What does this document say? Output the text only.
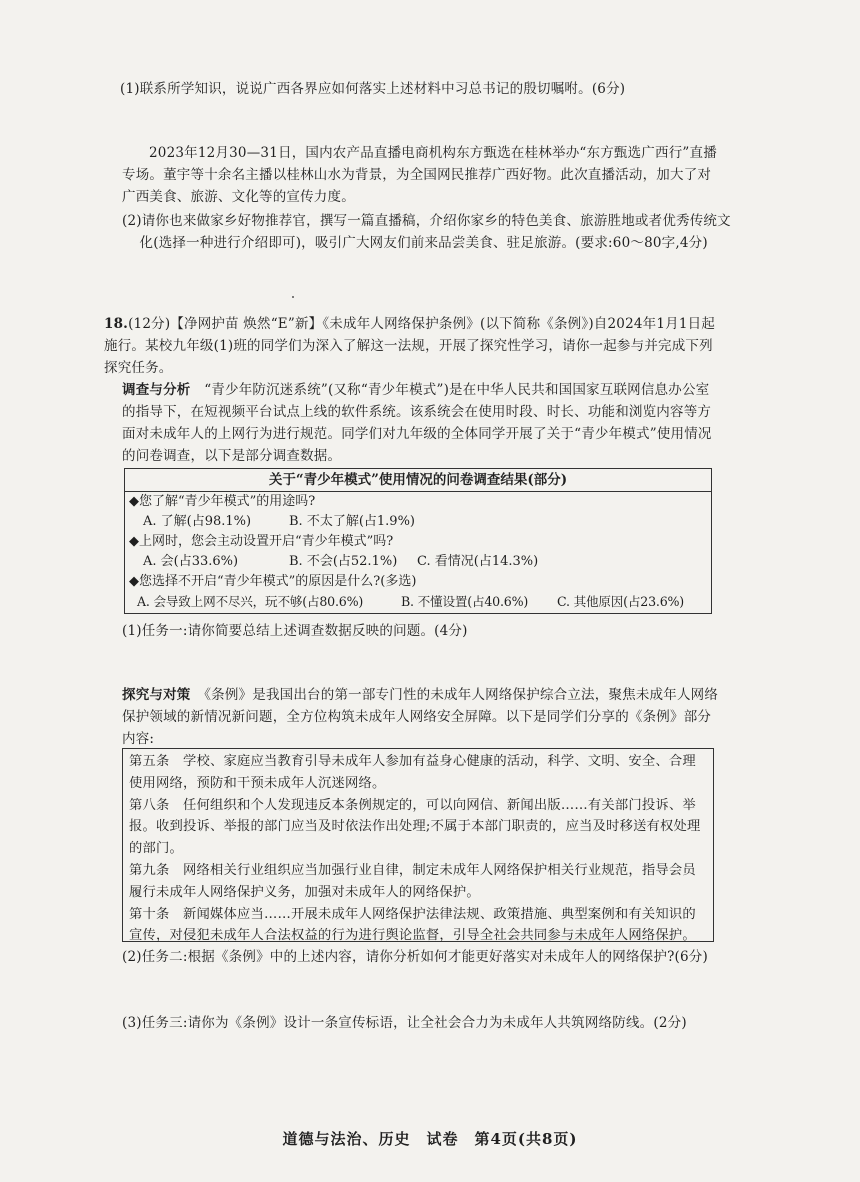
(1)联系所学知识，说说广西各界应如何落实上述材料中习总书记的殷切嘱咐。(6分)

2023年12月30—31日，国内农产品直播电商机构东方甄选在桂林举办“东方甄选广西行”直播专场。董宇等十余名主播以桂林山水为背景，为全国网民推荐广西好物。此次直播活动，加大了对广西美食、旅游、文化等的宣传力度。

(2)请你也来做家乡好物推荐官，撰写一篇直播稿，介绍你家乡的特色美食、旅游胜地或者优秀传统文化(选择一种进行介绍即可)，吸引广大网友们前来品尝美食、驻足旅游。(要求:60～80字,4分)

18.(12分)【净网护苗 焕然“E”新】《未成年人网络保护条例》(以下简称《条例》)自2024年1月1日起施行。某校九年级(1)班的同学们为深入了解这一法规，开展了探究性学习，请你一起参与并完成下列探究任务。
调查与分析　 “青少年防沉迷系统”(又称“青少年模式”)是在中华人民共和国国家互联网信息办公室的指导下，在短视频平台试点上线的软件系统。该系统会在使用时段、时长、功能和浏览内容等方面对未成年人的上网行为进行规范。同学们对九年级的全体同学开展了关于“青少年模式”使用情况的问卷调查，以下是部分调查数据。
关于“青少年模式”使用情况的问卷调查结果(部分)

◆您了解“青少年模式”的用途吗?

A. 了解(占98.1%)	B. 不太了解(占1.9%)

◆上网时，您会主动设置开启“青少年模式”吗?

A. 会(占33.6%)	B. 不会(占52.1%) C. 看情况(占14.3%)

◆您选择不开启“青少年模式”的原因是什么?(多选)

A. 会导致上网不尽兴，玩不够(占80.6%)	B. 不懂设置(占40.6%) C. 其他原因(占23.6%)

(1)任务一:请你简要总结上述调查数据反映的问题。(4分)

探究与对策　 《条例》是我国出台的第一部专门性的未成年人网络保护综合立法，聚焦未成年人网络保护领域的新情况新问题，全方位构筑未成年人网络安全屏障。以下是同学们分享的《条例》部分内容:

第五条　学校、家庭应当教育引导未成年人参加有益身心健康的活动，科学、文明、安全、合理使用网络，预防和干预未成年人沉迷网络。

第八条　任何组织和个人发现违反本条例规定的，可以向网信、新闻出版……有关部门投诉、举报。收到投诉、举报的部门应当及时依法作出处理;不属于本部门职责的，应当及时移送有权处理的部门。

第九条　网络相关行业组织应当加强行业自律，制定未成年人网络保护相关行业规范，指导会员履行未成年人网络保护义务，加强对未成年人的网络保护。

第十条　新闻媒体应当……开展未成年人网络保护法律法规、政策措施、典型案例和有关知识的宣传，对侵犯未成年人合法权益的行为进行舆论监督，引导全社会共同参与未成年人网络保护。

(2)任务二:根据《条例》中的上述内容，请你分析如何才能更好落实对未成年人的网络保护?(6分)

(3)任务三:请你为《条例》设计一条宣传标语，让全社会合力为未成年人共筑网络防线。(2分)

道德与法治、历史　试卷　第4页(共8页)
